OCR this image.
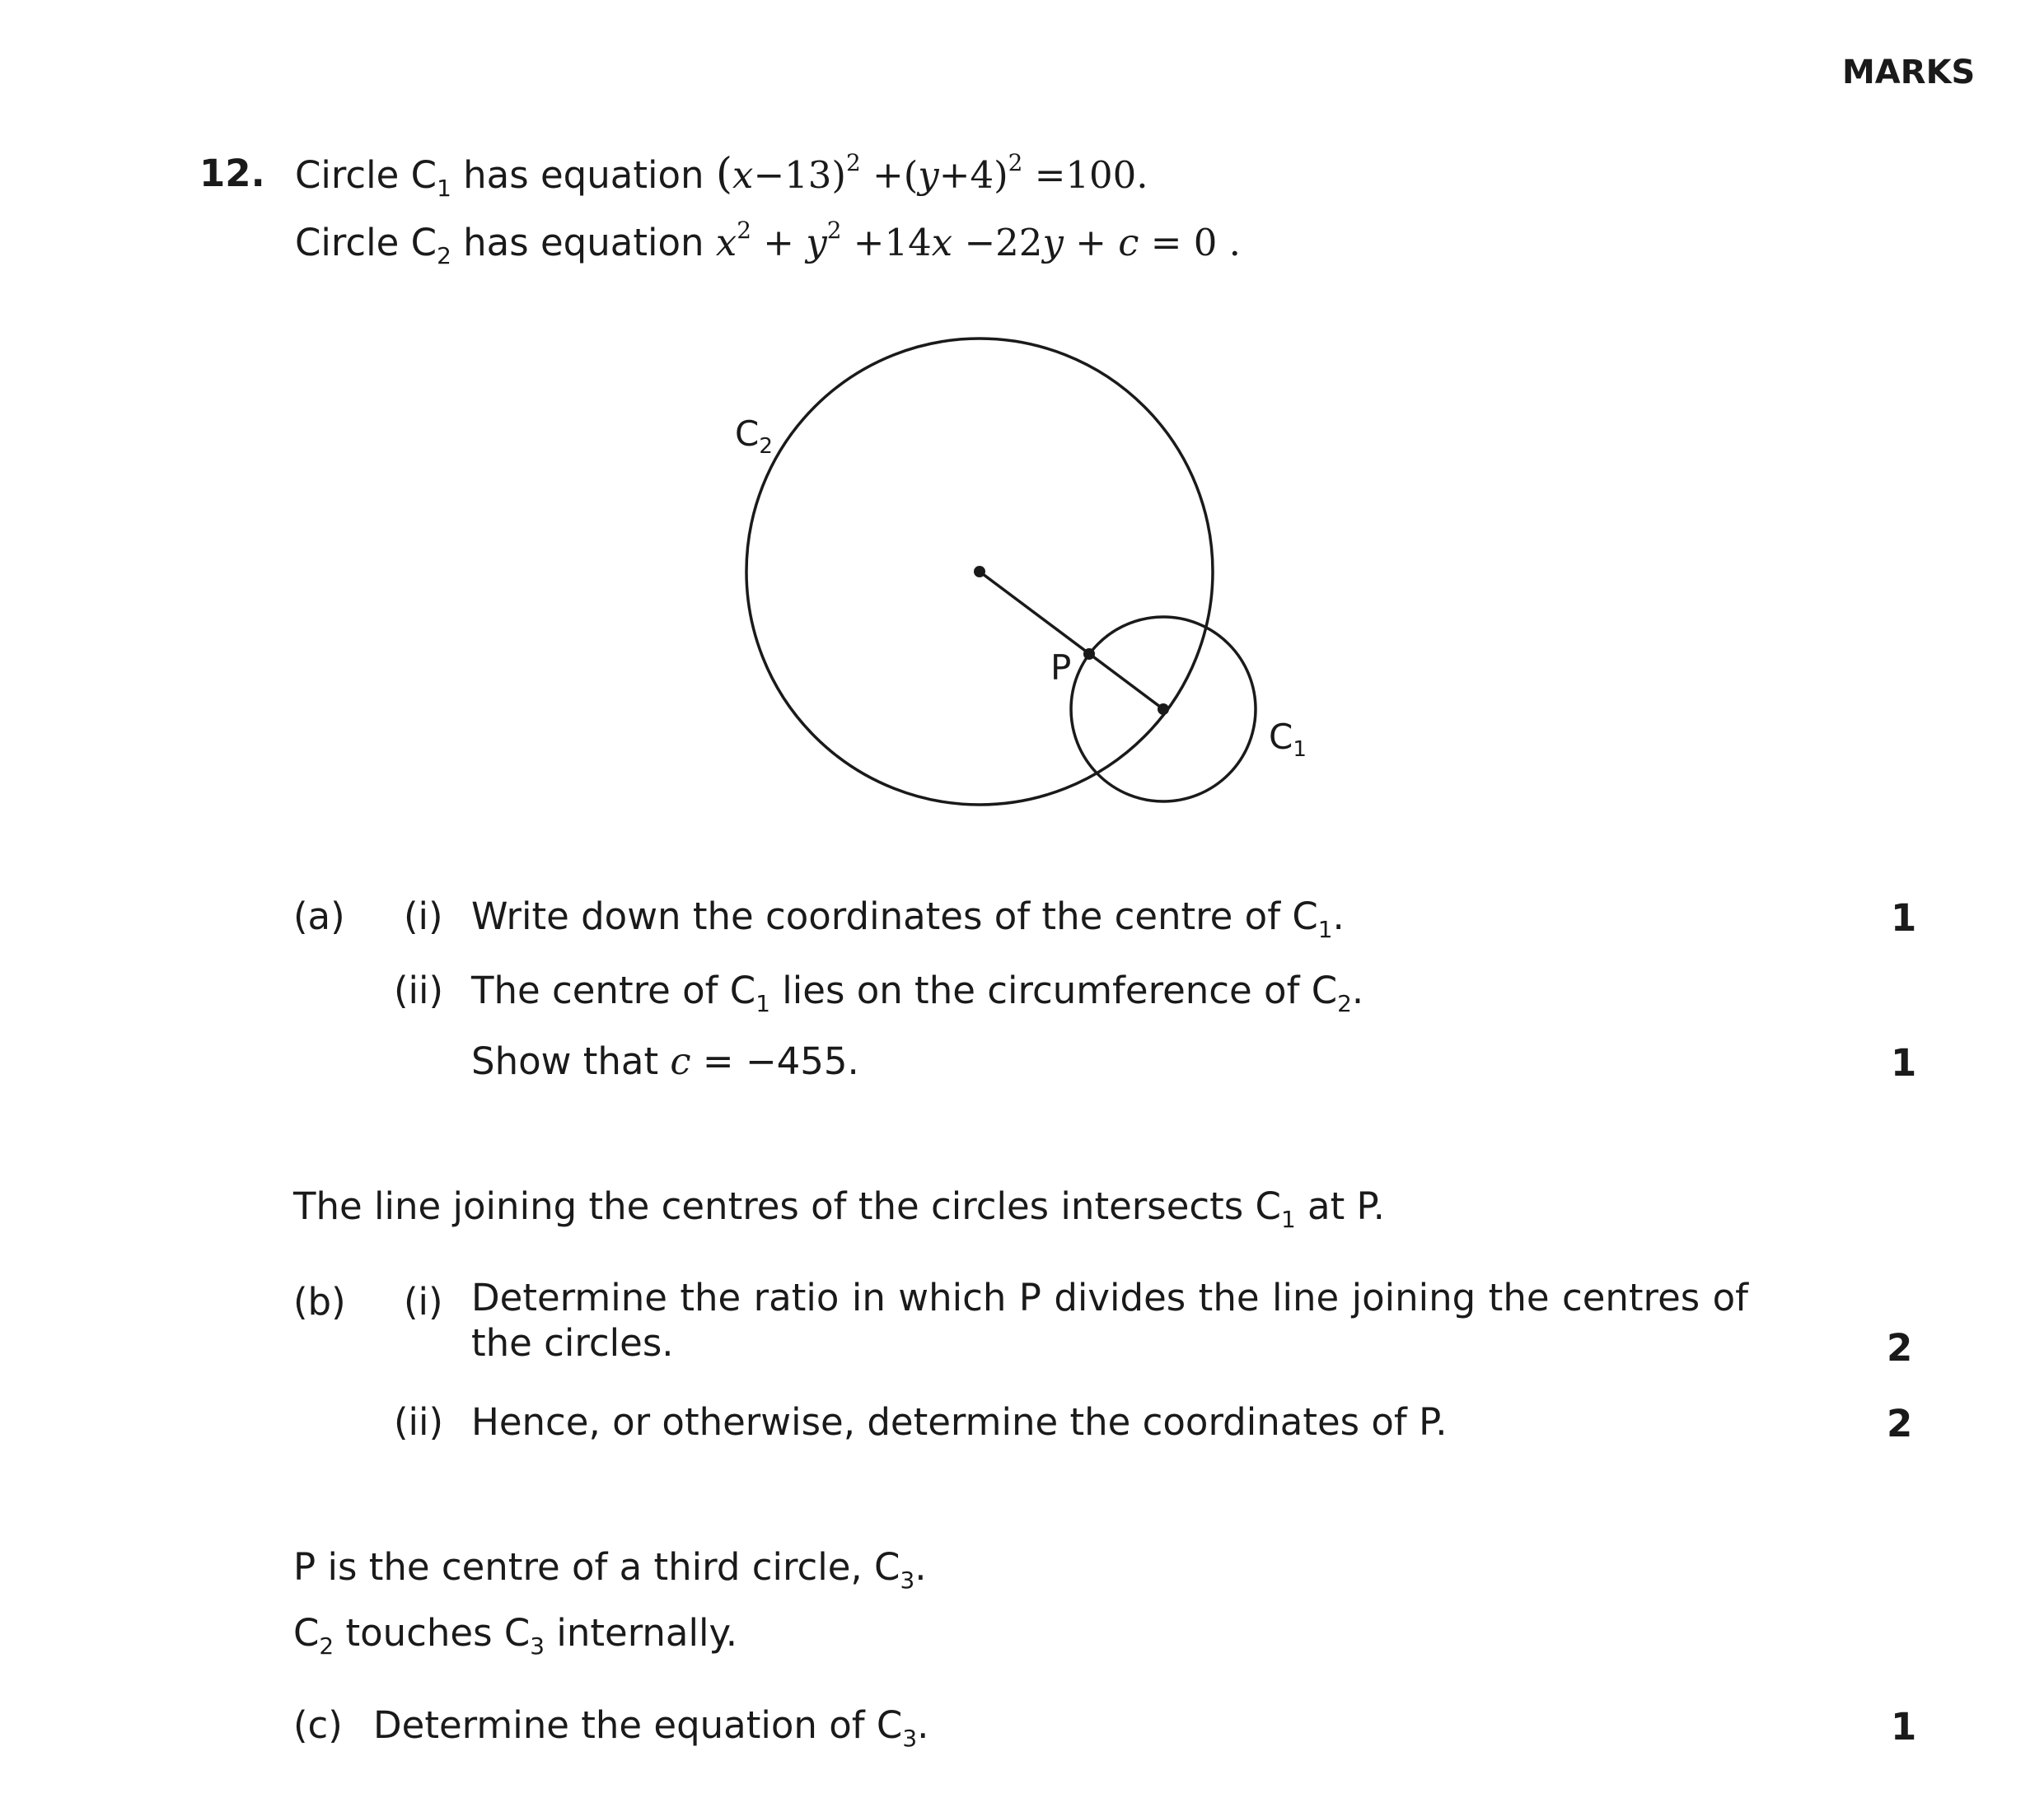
MARKS
12. Circle $C_1$ has equation $(x-13)^2 +(y+4)^2 =100$.
Circle $C_2$ has equation $x^2 + y^2 +14x -22y + c = 0$ .
$C_2$
P
$C_1$
(a) (i) Write down the coordinates of the centre of $C_1$.	1
(ii) The centre of $C_1$ lies on the circumference of $C_2$.
Show that c = −455.	1
The line joining the centres of the circles intersects $C_1$ at P.
(b) (i) Determine the ratio in which P divides the line joining the centres of the circles.	2
(ii) Hence, or otherwise, determine the coordinates of P.	2
P is the centre of a third circle, $C_3$.
$C_2$ touches $C_3$ internally.
(c) Determine the equation of $C_3$.	1
